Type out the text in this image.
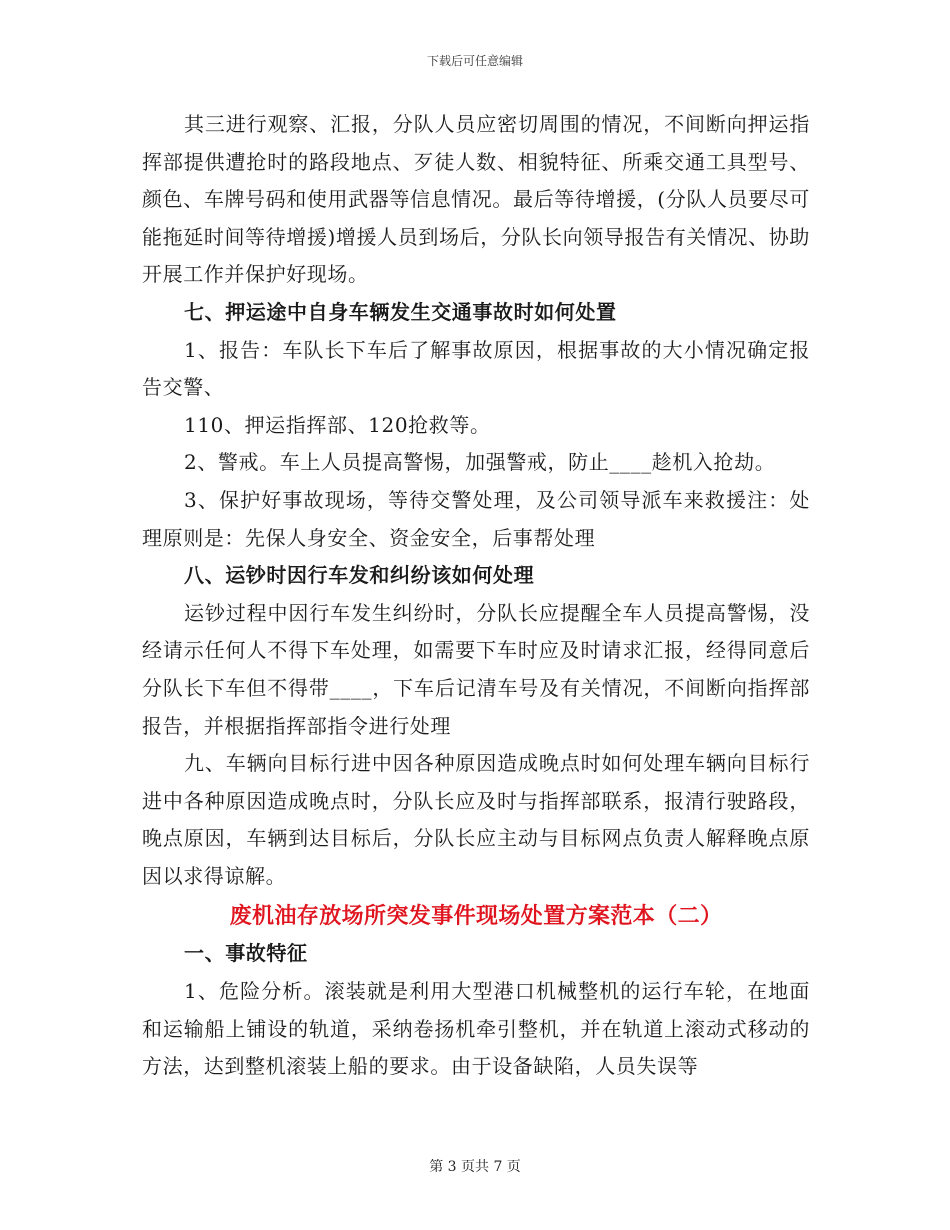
下载后可任意编辑

其三进行观察、汇报，分队人员应密切周围的情况，不间断向押运指挥部提供遭抢时的路段地点、歹徒人数、相貌特征、所乘交通工具型号、颜色、车牌号码和使用武器等信息情况。最后等待增援，(分队人员要尽可能拖延时间等待增援)增援人员到场后，分队长向领导报告有关情况、协助开展工作并保护好现场。

七、押运途中自身车辆发生交通事故时如何处置

1、报告：车队长下车后了解事故原因，根据事故的大小情况确定报告交警、

110、押运指挥部、120抢救等。

2、警戒。车上人员提高警惕，加强警戒，防止____趁机入抢劫。

3、保护好事故现场，等待交警处理，及公司领导派车来救援注：处理原则是：先保人身安全、资金安全，后事帮处理

八、运钞时因行车发和纠纷该如何处理

运钞过程中因行车发生纠纷时，分队长应提醒全车人员提高警惕，没经请示任何人不得下车处理，如需要下车时应及时请求汇报，经得同意后分队长下车但不得带____，下车后记清车号及有关情况，不间断向指挥部报告，并根据指挥部指令进行处理

九、车辆向目标行进中因各种原因造成晚点时如何处理车辆向目标行进中各种原因造成晚点时，分队长应及时与指挥部联系，报清行驶路段，晚点原因，车辆到达目标后，分队长应主动与目标网点负责人解释晚点原因以求得谅解。

废机油存放场所突发事件现场处置方案范本（二）

一、事故特征

1、危险分析。滚装就是利用大型港口机械整机的运行车轮，在地面和运输船上铺设的轨道，采纳卷扬机牵引整机，并在轨道上滚动式移动的方法，达到整机滚装上船的要求。由于设备缺陷，人员失误等

第 3 页共 7 页
